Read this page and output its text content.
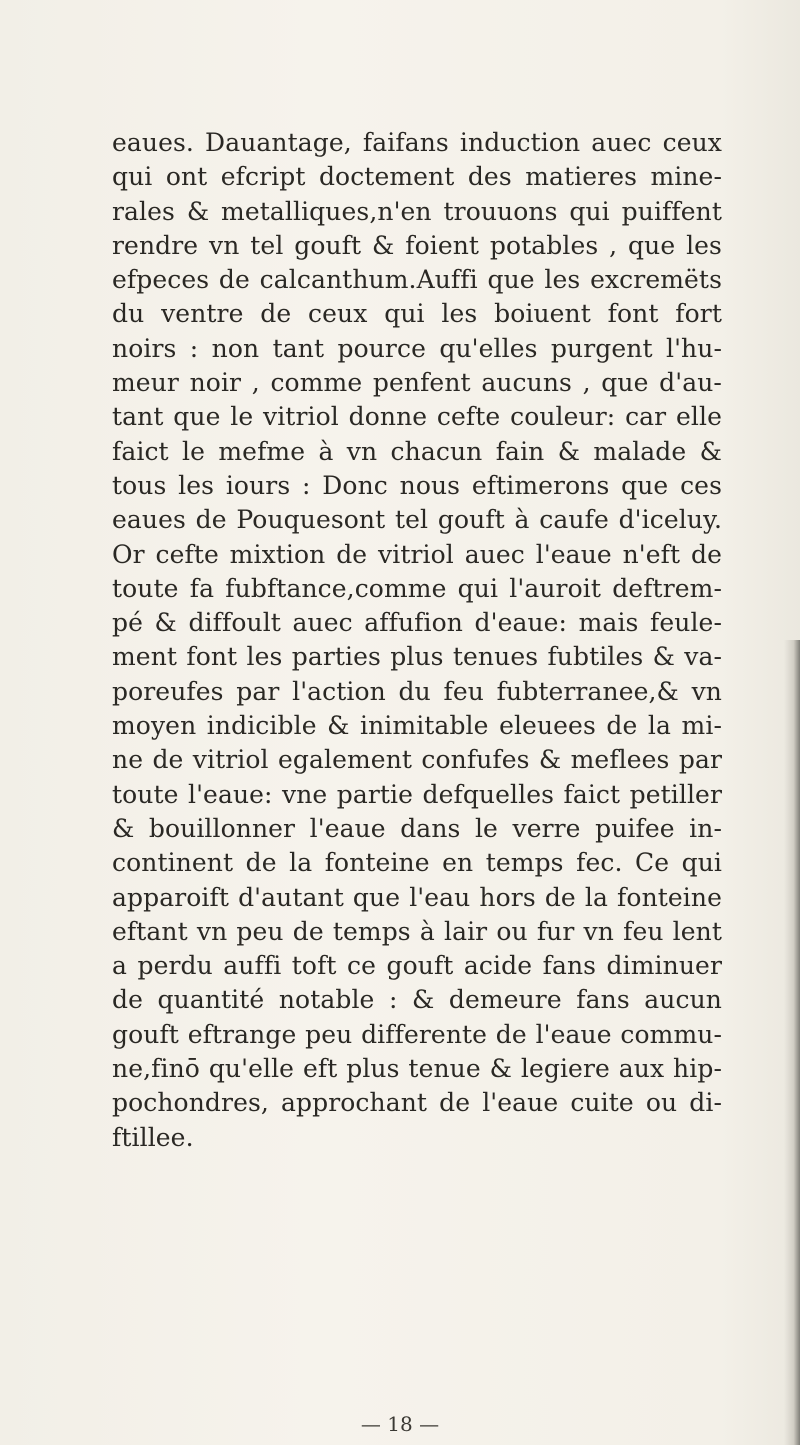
eaues. Dauantage, faifans induction auec ceux
qui ont efcript doctement des matieres mine-
rales & metalliques,n'en trouuons qui puiffent
rendre vn tel gouft & foient potables , que les
efpeces de calcanthum.Auffi que les excremëts
du ventre de ceux qui les boiuent font fort
noirs : non tant pource qu'elles purgent l'hu-
meur noir , comme penfent aucuns , que d'au-
tant que le vitriol donne cefte couleur: car elle
faict le mefme à vn chacun fain & malade &
tous les iours : Donc nous eftimerons que ces
eaues de Pouquesont tel gouft à caufe d'iceluy.
Or cefte mixtion de vitriol auec l'eaue n'eft de
toute fa fubftance,comme qui l'auroit deftrem-
pé & diffoult auec affufion d'eaue: mais feule-
ment font les parties plus tenues fubtiles & va-
poreufes par l'action du feu fubterranee,& vn
moyen indicible & inimitable eleuees de la mi-
ne de vitriol egalement confufes & meflees par
toute l'eaue: vne partie defquelles faict petiller
& bouillonner l'eaue dans le verre puifee in-
continent de la fonteine en temps fec. Ce qui
apparoift d'autant que l'eau hors de la fonteine
eftant vn peu de temps à lair ou fur vn feu lent
a perdu auffi toft ce gouft acide fans diminuer
de quantité notable : & demeure fans aucun
gouft eftrange peu differente de l'eaue commu-
ne,finō qu'elle eft plus tenue & legiere aux hip-
pochondres, approchant de l'eaue cuite ou di-
ftillee.
— 18 —
